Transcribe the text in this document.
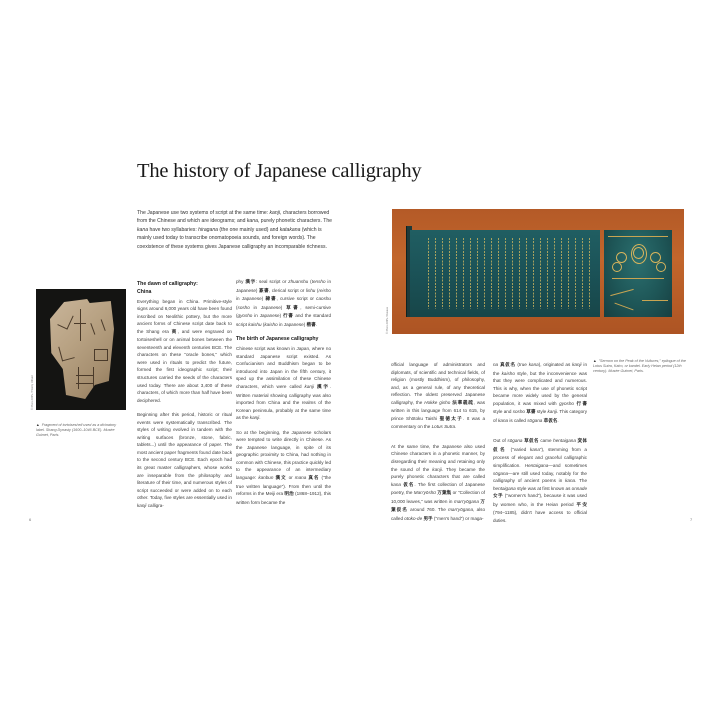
The history of Japanese calligraphy
The Japanese use two systems of script at the same time: kanji, characters borrowed from the Chinese and which are ideograms; and kana, purely phonetic characters. The kana have two syllabaries: hiragana (the one mainly used) and katakana (which is mainly used today to transcribe onomatopoeia sounds, and foreign words). The coexistence of these systems gives Japanese calligraphy an incomparable richness.
© Photo RMN / Thierry Ollivier
▲ Fragment of tortoiseshell used as a divinatory label. Shang Dynasty (1600–1046 BCE). Musée Guimet, Paris.
The dawn of calligraphy:
China

Everything began in China. Primitive-style signs around 6,000 years old have been found inscribed on Neolithic pottery, but the more ancient forms of Chinese script date back to the Shang era 商, and were engraved on tortoiseshell or on animal bones between the seventeenth and eleventh centuries BCE. The characters on these "oracle bones," which were used in rituals to predict the future, formed the first ideographic script; their structures carried the seeds of the characters used today. There are about 3,400 of these characters, of which more than half have been deciphered.

Beginning after this period, historic or ritual events were systematically transcribed. The styles of writing evolved in tandem with the writing surfaces (bronze, stone, fabric, tablets...) until the appearance of paper. The most ancient paper fragments found date back to the second century BCE. Each epoch had its great master calligraphers, whose works are inseparable from the philosophy and literature of their time, and numerous styles of script succeeded or were added on to each other. Today, five styles are essentially used in kanji calligra-

phy 漢字: seal script or zhuanshu (tensho in Japanese) 篆書, clerical script or lishu (reisho in Japanese) 隷書, cursive script or caoshu (sosho in Japanese) 草書, semi-cursive (gyosho in Japanese) 行書 and the standard script kaishu (kaisho in Japanese) 楷書.

The birth of Japanese calligraphy

Chinese script was known in Japan, where no standard Japanese script existed. As Confucianism and Buddhism began to be introduced into Japan in the fifth century, it sped up the assimilation of these Chinese characters, which were called kanji 漢字. Written material showing calligraphy was also imported from China and the realms of the Korean peninsula, probably at the same time as the kanji.

So at the beginning, the Japanese scholars were tempted to write directly in Chinese. As the Japanese language, in spite of its geographic proximity to China, had nothing in common with Chinese, this practice quickly led to the appearance of an intermediary language: kanbun 漢文 or mana 真名 ("the true written language"). From then until the reforms in the Meiji era 明治 (1868–1912), this written form became the

6
© Photo RMN / Ravaux
▲ "Sermon on the Peak of the Vultures," epilogue of the Lotus Sutra, Kairo, or kandei. Early Heian period (12th century). Musée Guimet, Paris.

official language of administrators and diplomats, of scientific and technical fields, of religion (mostly Buddhism), of philosophy, and, as a general rule, of any theoretical reflection. The oldest preserved Japanese calligraphy, the Hokke gisho 法華義疏, was written in this language from 614 to 615, by prince Shōtoku Taishi 聖徳太子. It was a commentary on the Lotus Sutra.

At the same time, the Japanese also used Chinese characters in a phonetic manner, by disregarding their meaning and retaining only the sound of the kanji. They became the purely phonetic characters that are called kana 仮名. The first collection of Japanese poetry, the Man'yōshū 万葉集 or "Collection of 10,000 leaves," was written in man'yōgana 万葉仮名 around 760. The man'yōgana, also called otoko-de 男手 ("men's hand") or maga-

na 真仮名 (true kana), originated as kanji in the kaisho style, but the inconvenience was that they were complicated and numerous. This is why, when the use of phonetic script became more widely used by the general population, it was mixed with gyosho 行書 style and sosho 草書 style kanji. This category of kana is called sōgana 草仮名.

Out of sōgana 草仮名 came hentaigana 変体仮名 ("varied kana"), stemming from a process of elegant and graceful calligraphic simplification. Hentaigana—and sometimes sōgana—are still used today, notably for the calligraphy of ancient poems in kana. The hentaigana style was at first known as onnade 女手 ("women's hand"), because it was used by women who, in the Heian period 平安 (794–1185), didn't have access to official duties.	7
